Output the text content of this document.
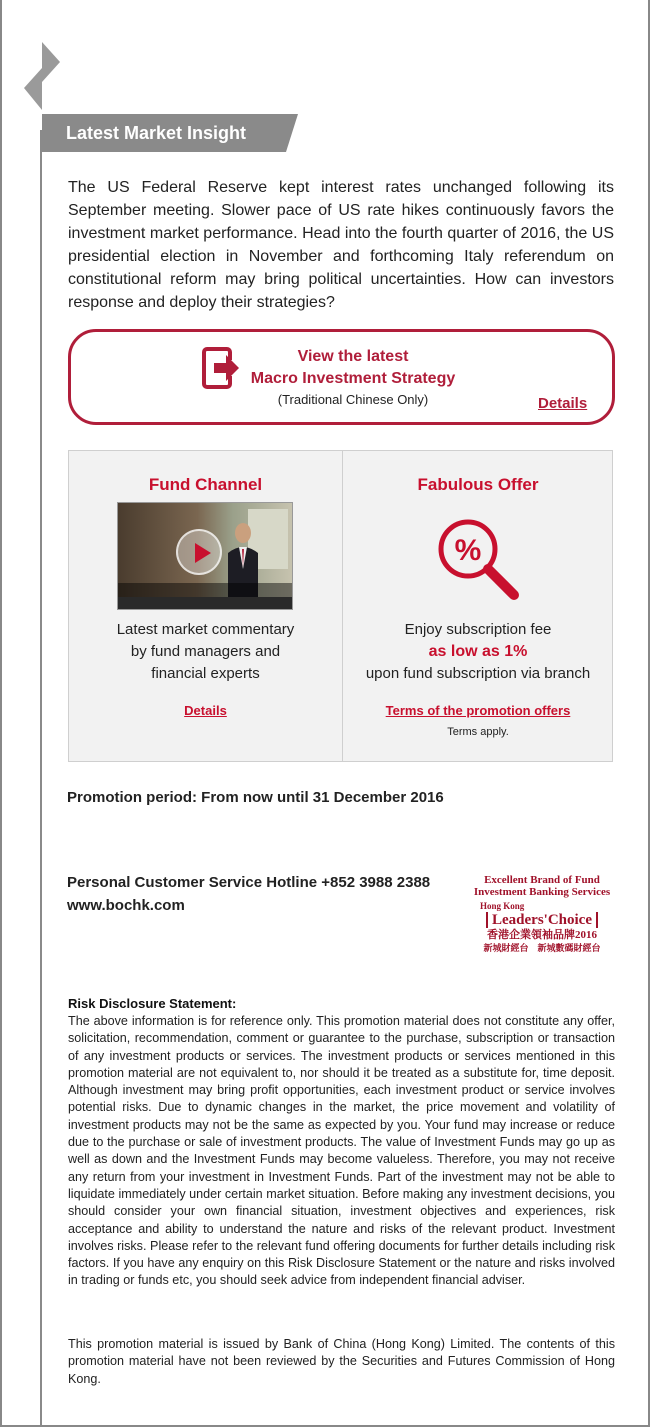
Latest Market Insight

The US Federal Reserve kept interest rates unchanged following its September meeting. Slower pace of US rate hikes continuously favors the investment market performance. Head into the fourth quarter of 2016, the US presidential election in November and forthcoming Italy referendum on constitutional reform may bring political uncertainties. How can investors response and deploy their strategies?

View the latest
Macro Investment Strategy
(Traditional Chinese Only)	Details
Fund Channel
Latest market commentary
by fund managers and
financial experts
Details
Fabulous Offer
%
Enjoy subscription fee
as low as 1%
upon fund subscription via branch
Terms of the promotion offers
Terms apply.
Promotion period: From now until 31 December 2016
Personal Customer Service Hotline +852 3988 2388
www.bochk.com
Excellent Brand of Fund
Investment Banking Services
Hong Kong
Leaders'Choice
香港企業領袖品牌2016
新城財經台　新城數碼財經台
Risk Disclosure Statement:

The above information is for reference only. This promotion material does not constitute any offer, solicitation, recommendation, comment or guarantee to the purchase, subscription or transaction of any investment products or services. The investment products or services mentioned in this promotion material are not equivalent to, nor should it be treated as a substitute for, time deposit. Although investment may bring profit opportunities, each investment product or service involves potential risks. Due to dynamic changes in the market, the price movement and volatility of investment products may not be the same as expected by you. Your fund may increase or reduce due to the purchase or sale of investment products. The value of Investment Funds may go up as well as down and the Investment Funds may become valueless. Therefore, you may not receive any return from your investment in Investment Funds. Part of the investment may not be able to liquidate immediately under certain market situation. Before making any investment decisions, you should consider your own financial situation, investment objectives and experiences, risk acceptance and ability to understand the nature and risks of the relevant product. Investment involves risks. Please refer to the relevant fund offering documents for further details including risk factors. If you have any enquiry on this Risk Disclosure Statement or the nature and risks involved in trading or funds etc, you should seek advice from independent financial adviser.

This promotion material is issued by Bank of China (Hong Kong) Limited. The contents of this promotion material have not been reviewed by the Securities and Futures Commission of Hong Kong.
